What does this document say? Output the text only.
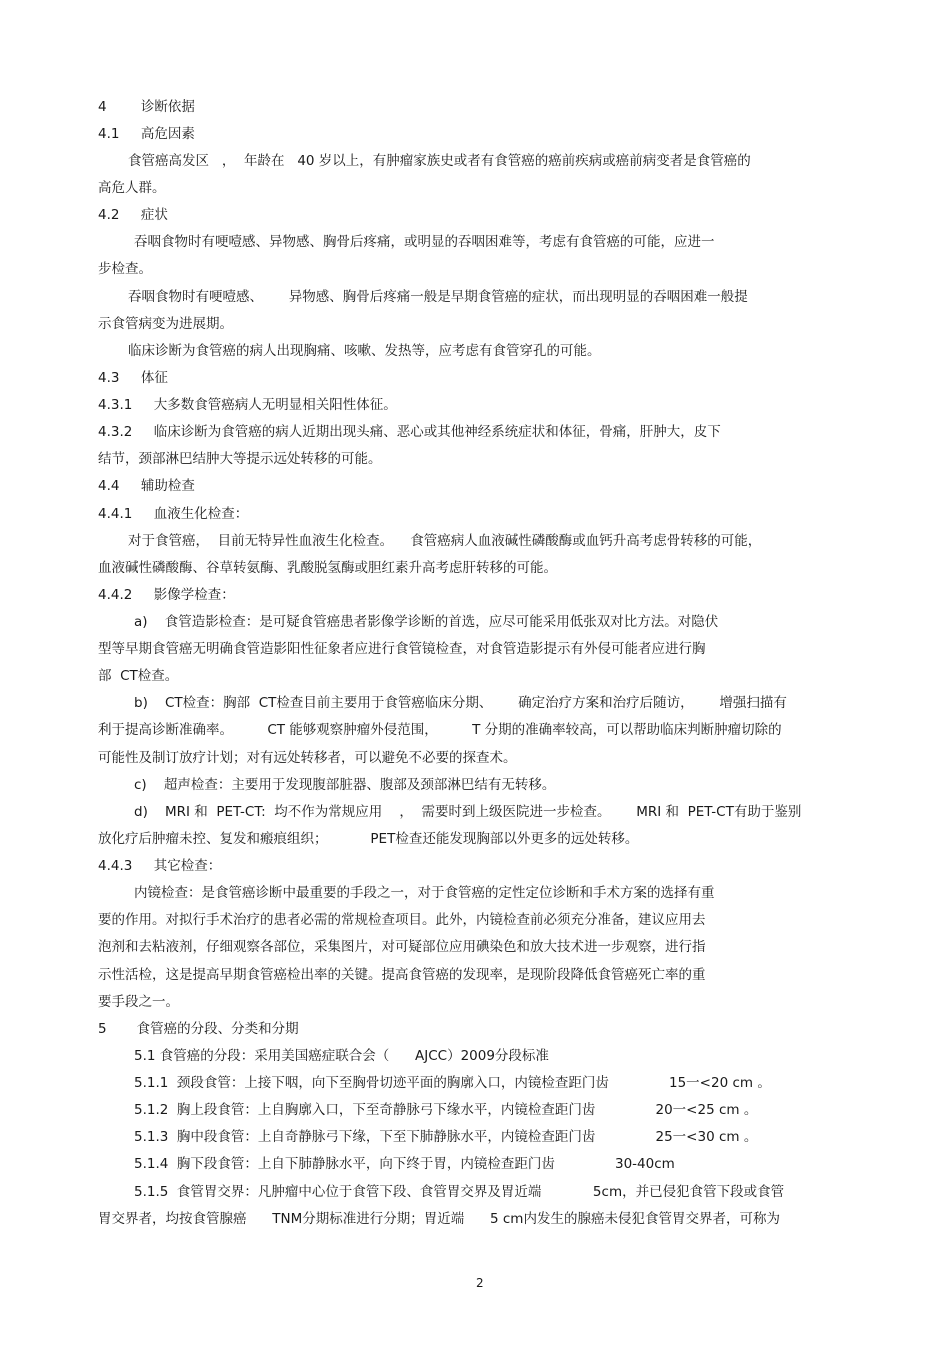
4        诊断依据
4.1     高危因素
食管癌高发区   ，  年龄在   40 岁以上，有肿瘤家族史或者有食管癌的癌前疾病或癌前病变者是食管癌的
高危人群。
4.2     症状
吞咽食物时有哽噎感、异物感、胸骨后疼痛，或明显的吞咽困难等，考虑有食管癌的可能，应进一
步检查。
吞咽食物时有哽噎感、      异物感、胸骨后疼痛一般是早期食管癌的症状，而出现明显的吞咽困难一般提
示食管病变为进展期。
临床诊断为食管癌的病人出现胸痛、咳嗽、发热等，应考虑有食管穿孔的可能。
4.3     体征
4.3.1     大多数食管癌病人无明显相关阳性体征。
4.3.2     临床诊断为食管癌的病人近期出现头痛、恶心或其他神经系统症状和体征，骨痛，肝肿大，皮下
结节，颈部淋巴结肿大等提示远处转移的可能。
4.4     辅助检查
4.4.1     血液生化检查：
对于食管癌，  目前无特异性血液生化检查。    食管癌病人血液碱性磷酸酶或血钙升高考虑骨转移的可能，
血液碱性磷酸酶、谷草转氨酶、乳酸脱氢酶或胆红素升高考虑肝转移的可能。
4.4.2     影像学检查：
a)    食管造影检查：是可疑食管癌患者影像学诊断的首选，应尽可能采用低张双对比方法。对隐伏
型等早期食管癌无明确食管造影阳性征象者应进行食管镜检查，对食管造影提示有外侵可能者应进行胸
部  CT检查。
b)    CT检查：胸部  CT检查目前主要用于食管癌临床分期、      确定治疗方案和治疗后随访，      增强扫描有
利于提高诊断准确率。        CT 能够观察肿瘤外侵范围，        T 分期的准确率较高，可以帮助临床判断肿瘤切除的
可能性及制订放疗计划；对有远处转移者，可以避免不必要的探查术。
c)    超声检查：主要用于发现腹部脏器、腹部及颈部淋巴结有无转移。
d)    MRI 和  PET-CT:  均不作为常规应用    ，  需要时到上级医院进一步检查。      MRI 和  PET-CT有助于鉴别
放化疗后肿瘤未控、复发和瘢痕组织；          PET检查还能发现胸部以外更多的远处转移。
4.4.3     其它检查：
内镜检查：是食管癌诊断中最重要的手段之一，对于食管癌的定性定位诊断和手术方案的选择有重
要的作用。对拟行手术治疗的患者必需的常规检查项目。此外，内镜检查前必须充分准备，建议应用去
泡剂和去粘液剂，仔细观察各部位，采集图片，对可疑部位应用碘染色和放大技术进一步观察，进行指
示性活检，这是提高早期食管癌检出率的关键。提高食管癌的发现率，是现阶段降低食管癌死亡率的重
要手段之一。
5       食管癌的分段、分类和分期
5.1 食管癌的分段：采用美国癌症联合会（      AJCC）2009分段标准
5.1.1  颈段食管：上接下咽，向下至胸骨切迹平面的胸廓入口，内镜检查距门齿              15一<20 cm 。
5.1.2  胸上段食管：上自胸廓入口，下至奇静脉弓下缘水平，内镜检查距门齿              20一<25 cm 。
5.1.3  胸中段食管：上自奇静脉弓下缘，下至下肺静脉水平，内镜检查距门齿              25一<30 cm 。
5.1.4  胸下段食管：上自下肺静脉水平，向下终于胃，内镜检查距门齿              30-40cm
5.1.5  食管胃交界：凡肿瘤中心位于食管下段、食管胃交界及胃近端            5cm，并已侵犯食管下段或食管
胃交界者，均按食管腺癌      TNM分期标准进行分期；胃近端      5 cm内发生的腺癌未侵犯食管胃交界者，可称为
2
